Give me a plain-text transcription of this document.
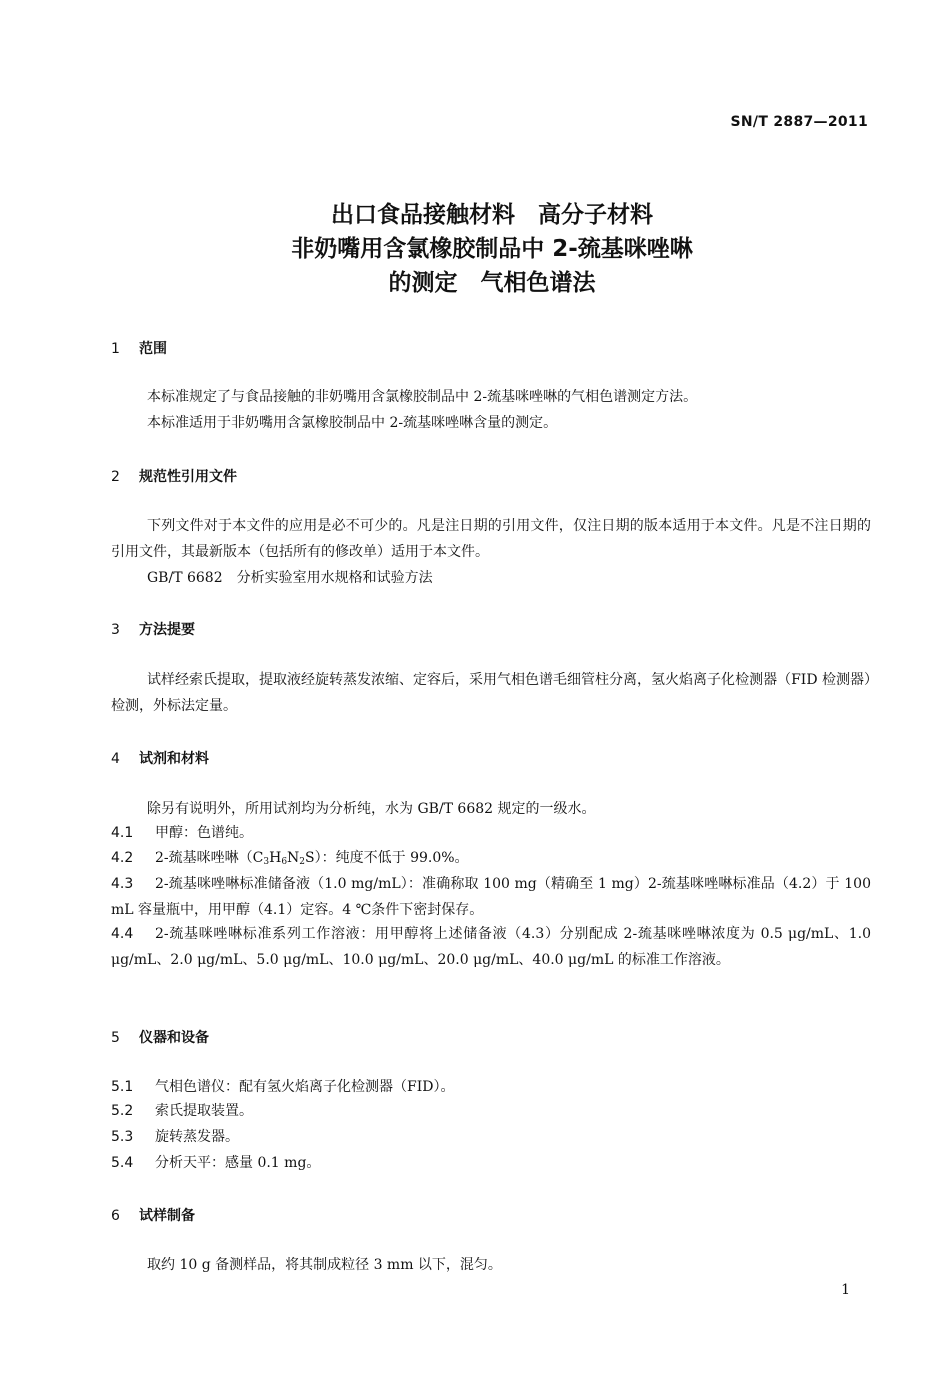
SN/T 2887—2011
出口食品接触材料　高分子材料
非奶嘴用含氯橡胶制品中 2-巯基咪唑啉
的测定　气相色谱法
1 范围
本标准规定了与食品接触的非奶嘴用含氯橡胶制品中 2-巯基咪唑啉的气相色谱测定方法。
本标准适用于非奶嘴用含氯橡胶制品中 2-巯基咪唑啉含量的测定。
2 规范性引用文件
下列文件对于本文件的应用是必不可少的。凡是注日期的引用文件，仅注日期的版本适用于本文件。凡是不注日期的引用文件，其最新版本（包括所有的修改单）适用于本文件。
GB/T 6682　分析实验室用水规格和试验方法
3 方法提要
试样经索氏提取，提取液经旋转蒸发浓缩、定容后，采用气相色谱毛细管柱分离，氢火焰离子化检测器（FID 检测器）检测，外标法定量。
4 试剂和材料
除另有说明外，所用试剂均为分析纯，水为 GB/T 6682 规定的一级水。
4.1 甲醇：色谱纯。
4.2 2-巯基咪唑啉$(C_3H_6N_2S)$：纯度不低于 99.0%。
4.3 2-巯基咪唑啉标准储备液（1.0 mg/mL）：准确称取 100 mg（精确至 1 mg）2-巯基咪唑啉标准品（4.2）于 100 mL 容量瓶中，用甲醇（4.1）定容。4 ℃条件下密封保存。
4.4 2-巯基咪唑啉标准系列工作溶液：用甲醇将上述储备液（4.3）分别配成 2-巯基咪唑啉浓度为 0.5 μg/mL、1.0 μg/mL、2.0 μg/mL、5.0 μg/mL、10.0 μg/mL、20.0 μg/mL、40.0 μg/mL 的标准工作溶液。
5 仪器和设备
5.1 气相色谱仪：配有氢火焰离子化检测器（FID）。
5.2 索氏提取装置。
5.3 旋转蒸发器。
5.4 分析天平：感量 0.1 mg。
6 试样制备
取约 10 g 备测样品，将其制成粒径 3 mm 以下，混匀。
1
